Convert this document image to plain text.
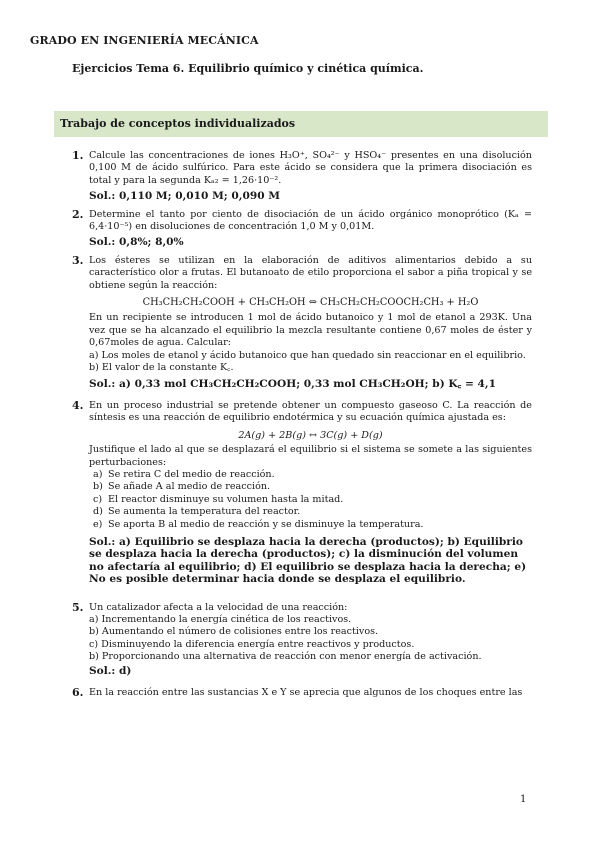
GRADO EN INGENIERÍA MECÁNICA
Ejercicios Tema 6. Equilibrio químico y cinética química.
Trabajo de conceptos individualizados
1. Calcule las concentraciones de iones H₃O⁺, SO₄²⁻ y HSO₄⁻ presentes en una disolución 0,100 M de ácido sulfúrico. Para este ácido se considera que la primera disociación es total y para la segunda Kₐ₂ = 1,26·10⁻².

Sol.: 0,110 M; 0,010 M; 0,090 M
2. Determine el tanto por ciento de disociación de un ácido orgánico monoprótico (Kₐ = 6,4·10⁻⁵) en disoluciones de concentración 1,0 M y 0,01M.

Sol.: 0,8%; 8,0%
3. Los ésteres se utilizan en la elaboración de aditivos alimentarios debido a su característico olor a frutas. El butanoato de etilo proporciona el sabor a piña tropical y se obtiene según la reacción:

CH₃CH₂CH₂COOH + CH₃CH₂OH ⇔ CH₃CH₂CH₂COOCH₂CH₃ + H₂O

En un recipiente se introducen 1 mol de ácido butanoico y 1 mol de etanol a 293K. Una vez que se ha alcanzado el equilibrio la mezcla resultante contiene 0,67 moles de éster y 0,67moles de agua. Calcular:

a) Los moles de etanol y ácido butanoico que han quedado sin reaccionar en el equilibrio.
b) El valor de la constante K꜀.
Sol.: a) 0,33 mol CH₃CH₂CH₂COOH; 0,33 mol CH₃CH₂OH; b) K꜀ = 4,1
4. En un proceso industrial se pretende obtener un compuesto gaseoso C. La reacción de síntesis es una reacción de equilibrio endotérmica y su ecuación química ajustada es:

2A(g) + 2B(g) ↔ 3C(g) + D(g)

Justifique el lado al que se desplazará el equilibrio si el sistema se somete a las siguientes perturbaciones:

a) Se retira C del medio de reacción.
b) Se añade A al medio de reacción.
c) El reactor disminuye su volumen hasta la mitad.
d) Se aumenta la temperatura del reactor.
e) Se aporta B al medio de reacción y se disminuye la temperatura.
Sol.: a) Equilibrio se desplaza hacia la derecha (productos); b) Equilibrio se desplaza hacia la derecha (productos); c) la disminución del volumen no afectaría al equilibrio; d) El equilibrio se desplaza hacia la derecha; e) No es posible determinar hacia donde se desplaza el equilibrio.
5. Un catalizador afecta a la velocidad de una reacción:

a) Incrementando la energía cinética de los reactivos.
b) Aumentando el número de colisiones entre los reactivos.
c) Disminuyendo la diferencia energía entre reactivos y productos.
b) Proporcionando una alternativa de reacción con menor energía de activación.
Sol.: d)
6. En la reacción entre las sustancias X e Y se aprecia que algunos de los choques entre las

1
